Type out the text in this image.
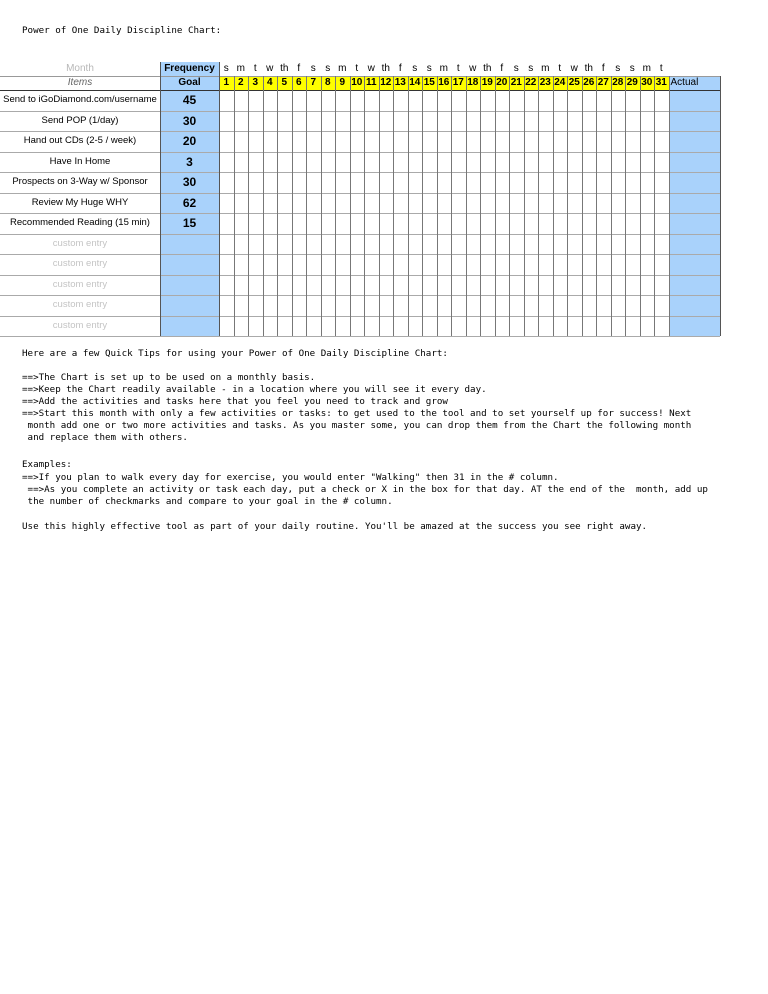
Power of One Daily Discipline Chart:
Month	Frequency s m t w th f	s s m t w th f	s s m t w th f	s s m t w th f	s s m t
Items	Goal	1 2 3 4 5 6 7 8 9 10 11 12 13 14 15 16 17 18 19 20 21 22 23 24 25 26 27 28 29 30 31 Actual
Send to iGoDiamond.com/username	45
Send POP (1/day)	30
Hand out CDs (2-5 / week)	20
Have In Home	3
Prospects on 3-Way w/ Sponsor	30
Review My Huge WHY	62
Recommended Reading (15 min)	15
custom entry
custom entry
custom entry
custom entry
custom entry
Here are a few Quick Tips for using your Power of One Daily Discipline Chart:
==>The Chart is set up to be used on a monthly basis.
==>Keep the Chart readily available - in a location where you will see it every day.
==>Add the activities and tasks here that you feel you need to track and grow
==>Start this month with only a few activities or tasks: to get used to the tool and to set yourself up for success! Next
month add one or two more activities and tasks. As you master some, you can drop them from the Chart the following month
and replace them with others.
Examples:
==>If you plan to walk every day for exercise, you would enter "Walking" then 31 in the # column.
==>As you complete an activity or task each day, put a check or X in the box for that day. AT the end of the  month, add up
the number of checkmarks and compare to your goal in the # column.
Use this highly effective tool as part of your daily routine. You'll be amazed at the success you see right away.
